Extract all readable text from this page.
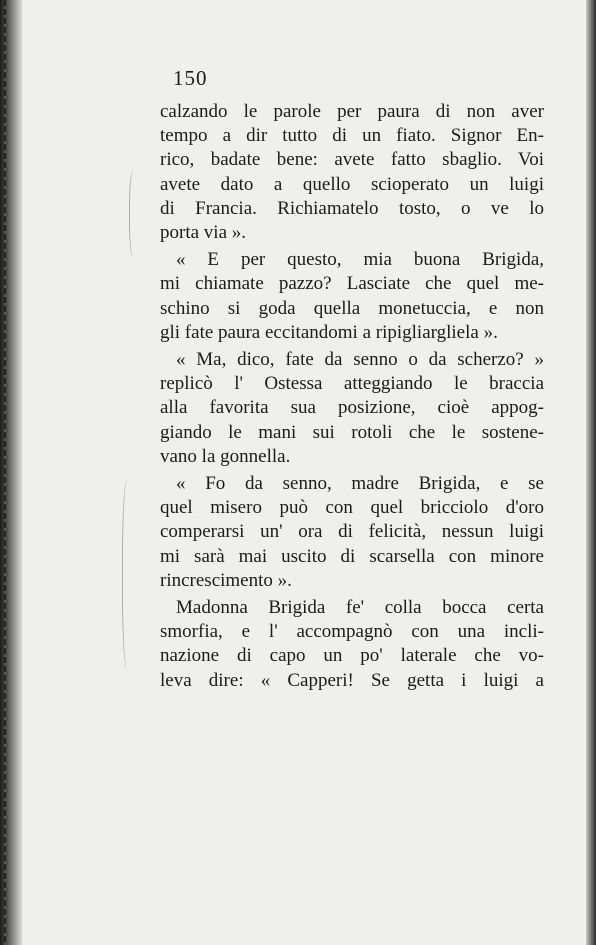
150
calzando le parole per paura di non aver
tempo a dir tutto di un fiato. Signor En-
rico, badate bene: avete fatto sbaglio. Voi
avete dato a quello scioperato un luigi
di Francia. Richiamatelo tosto, o ve lo
porta via ».
« E per questo, mia buona Brigida,
mi chiamate pazzo? Lasciate che quel me-
schino si goda quella monetuccia, e non
gli fate paura eccitandomi a ripigliargliela ».
« Ma, dico, fate da senno o da scherzo? »
replicò l' Ostessa atteggiando le braccia
alla favorita sua posizione, cioè appog-
giando le mani sui rotoli che le sostene-
vano la gonnella.
« Fo da senno, madre Brigida, e se
quel misero può con quel bricciolo d'oro
comperarsi un' ora di felicità, nessun luigi
mi sarà mai uscito di scarsella con minore
rincrescimento ».
Madonna Brigida fe' colla bocca certa
smorfia, e l' accompagnò con una incli-
nazione di capo un po' laterale che vo-
leva dire: « Capperi! Se getta i luigi a
